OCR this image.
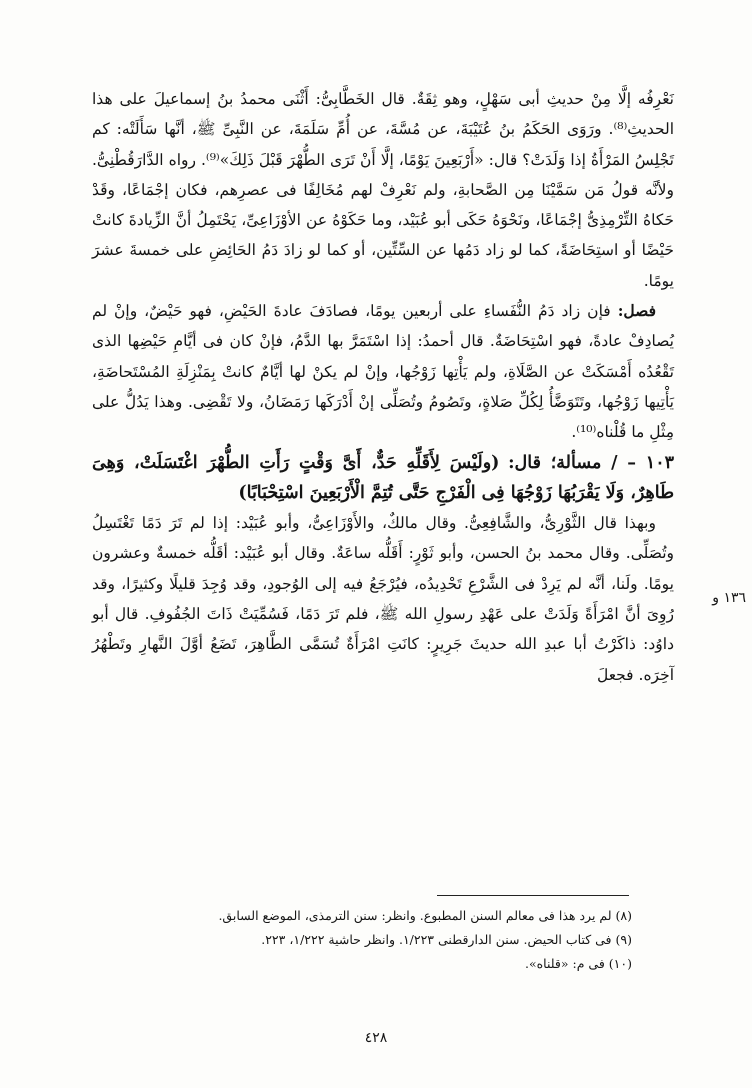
نَعْرِفُه إلَّا مِنْ حديثِ أبى سَهْلٍ، وهو ثِقَةٌ. قال الخَطَّابِىُّ: أَثْنَى محمدُ بنُ إسماعيلَ على هذا الحديثِ⁽⁸⁾. ورَوَى الحَكَمُ بنُ عُتَيْبَةَ، عن مُسَّةَ، عن أُمِّ سَلَمَةَ، عن النَّبِىِّ ﷺ، أنَّها سَأَلَتْه: كم تَجْلِسُ المَرْأَةُ إذا وَلَدَتْ؟ قال: «أَرْبَعِينَ يَوْمًا، إلَّا أَنْ تَرَى الطُّهْرَ قَبْلَ ذَلِكَ»⁽⁹⁾. رواه الدَّارَقُطْنِىُّ. ولأنَّه قولُ مَن سَمَّيْنَا مِن الصَّحابةِ، ولم نَعْرِفْ لهم مُخَالِفًا فى عصرِهم، فكان إجْمَاعًا، وقَدْ حَكاهُ التِّرْمِذِىُّ إجْمَاعًا، ونَحْوَهُ حَكَى أبو عُبَيْد، وما حَكَوْهُ عن الأوْزَاعِىِّ، يَحْتَمِلُ أنَّ الزِّيادةَ كانتْ حَيْضًا أو استِحَاضَةً، كما لو زاد دَمُها عن السِّتِّين، أو كما لو زادَ دَمُ الحَائِضِ على خمسةَ عشرَ يومًا.

فصل: فإن زاد دَمُ النُّفَساءِ على أربعين يومًا، فصادَفَ عادةَ الحَيْضِ، فهو حَيْضٌ، وإنْ لم يُصادِفْ عادةً، فهو اسْتِحَاضَةٌ. قال أحمدُ: إذا اسْتَمَرَّ بها الدَّمُ، فإنْ كان فى أيَّامِ حَيْضِها الذى تَقْعُدُه أَمْسَكَتْ عن الصَّلَاةِ، ولم يَأْتِها زَوْجُها، وإنْ لم يكنْ لها أيَّامٌ كانتْ بِمَنْزِلَةِ المُسْتَحاضَةِ، يَأْتِيها زَوْجُها، وتَتَوَضَّأُ لِكُلِّ صَلاةٍ، وتَصُومُ وتُصَلِّى إنْ أَدْرَكَها رَمَضَانُ، ولا تَقْضِى. وهذا يَدُلُّ على مِثْلِ ما قُلْناه⁽¹⁰⁾.

١٠٣ – / مسألة؛ قال: (ولَيْسَ لِأَقَلِّهِ حَدٌّ، أَىَّ وَقْتٍ رَأَتِ الطُّهْرَ اغْتَسَلَتْ، وَهِىَ طَاهِرٌ، وَلَا يَقْرَبُهَا زَوْجُهَا فِى الْفَرْجِ حَتَّى تُتِمَّ الْأَرْبَعِينَ اسْتِحْبَابًا)

وبهذا قال الثَّوْرِىُّ، والشَّافِعِىُّ. وقال مالكٌ، والأَوْزَاعِىُّ، وأبو عُبَيْد: إذا لم تَرَ دَمًا تَغْتَسِلُ وتُصَلِّى. وقال محمد بنُ الحسن، وأبو ثَوْرٍ: أَقَلُّه ساعَةٌ. وقال أبو عُبَيْد: أقَلُّه خمسةٌ وعشرون يومًا. ولَنا، أنَّه لم يَرِدْ فى الشَّرْعِ تَحْدِيدُه، فيُرْجَعُ فيه إلى الوُجودِ، وقد وُجِدَ قليلًا وكثيرًا، وقد رُوِىَ أنَّ امْرَأَةً وَلَدَتْ على عَهْدِ رسولِ الله ﷺ، فلم تَرَ دَمًا، فَسُمِّيَتْ ذَاتَ الجُفُوفِ. قال أبو داوُد: ذاكَرْتُ أبا عبدِ الله حديثَ جَرِيرٍ: كانَتِ امْرَأَةٌ تُسَمَّى الطَّاهِرَ، تَضَعُ أوَّلَ النَّهارِ وتَطْهُرُ آخِرَه. فجعلَ

١٣٦ و
(٨) لم يرد هذا فى معالم السنن المطبوع. وانظر: سنن الترمذى، الموضع السابق.
(٩) فى كتاب الحيض. سنن الدارقطنى ١/٢٢٣. وانظر حاشية ١/٢٢٢، ٢٢٣.
(١٠) فى م: «قلناه».
٤٢٨
